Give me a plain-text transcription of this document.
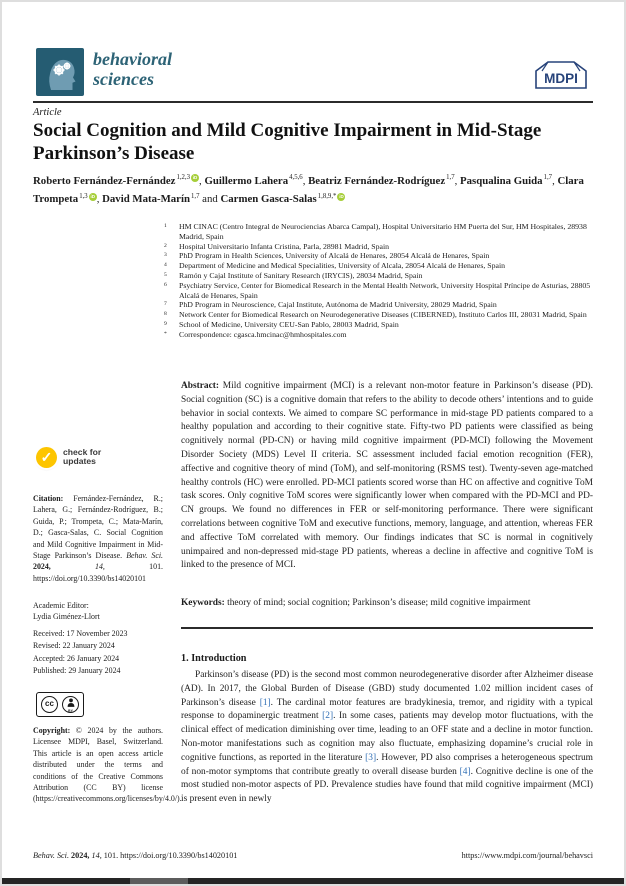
behavioral
sciences	MDPI
Article
Social Cognition and Mild Cognitive Impairment in Mid-Stage Parkinson’s Disease
Roberto Fernández-Fernández$^{1,2,3}$ iD , Guillermo Lahera$^{4,5,6}$, Beatriz Fernández-Rodríguez$^{1,7}$, Pasqualina Guida$^{1,7}$, Clara Trompeta$^{1,3}$ iD , David Mata-Marín$^{1,7}$ and Carmen Gasca-Salas$^{1,8,9,*}$ iD
1	HM CINAC (Centro Integral de Neurociencias Abarca Campal), Hospital Universitario HM Puerta del Sur, HM Hospitales, 28938 Madrid, Spain
2	Hospital Universitario Infanta Cristina, Parla, 28981 Madrid, Spain
3	PhD Program in Health Sciences, University of Alcalá de Henares, 28054 Alcalá de Henares, Spain
4	Department of Medicine and Medical Specialities, University of Alcala, 28054 Alcalá de Henares, Spain
5	Ramón y Cajal Institute of Sanitary Research (IRYCIS), 28034 Madrid, Spain
6	Psychiatry Service, Center for Biomedical Research in the Mental Health Network, University Hospital Príncipe de Asturias, 28805 Alcalá de Henares, Spain
7	PhD Program in Neuroscience, Cajal Institute, Autónoma de Madrid University, 28029 Madrid, Spain
8	Network Center for Biomedical Research on Neurodegenerative Diseases (CIBERNED), Instituto Carlos III, 28031 Madrid, Spain
9	School of Medicine, University CEU-San Pablo, 28003 Madrid, Spain
*	Correspondence: cgasca.hmcinac@hmhospitales.com
Abstract: Mild cognitive impairment (MCI) is a relevant non-motor feature in Parkinson’s disease (PD). Social cognition (SC) is a cognitive domain that refers to the ability to decode others’ intentions and to guide behavior in social contexts. We aimed to compare SC performance in mid-stage PD patients compared to a healthy population and according to their cognitive state. Fifty-two PD patients were classified as being cognitively normal (PD-CN) or having mild cognitive impairment (PD-MCI) following the Movement Disorder Society (MDS) Level II criteria. SC assessment included facial emotion recognition (FER), affective and cognitive theory of mind (ToM), and self-monitoring (RSMS test). Twenty-seven age-matched healthy controls (HC) were enrolled. PD-MCI patients scored worse than HC on affective and cognitive ToM task scores. Only cognitive ToM scores were significantly lower when compared with the PD-MCI and PD-CN groups. We found no differences in FER or self-monitoring performance. There were significant correlations between cognitive ToM and executive functions, memory, language, and attention, whereas FER and affective ToM correlated with memory. Our findings indicates that SC is normal in cognitively unimpaired and non-depressed mid-stage PD patients, whereas a decline in affective and cognitive ToM is linked to the presence of MCI.
Keywords: theory of mind; social cognition; Parkinson’s disease; mild cognitive impairment
1. Introduction
Parkinson’s disease (PD) is the second most common neurodegenerative disorder after Alzheimer disease (AD). In 2017, the Global Burden of Disease (GBD) study documented 1.02 million incident cases of Parkinson’s disease [1]. The cardinal motor features are bradykinesia, tremor, and rigidity with a typical response to dopaminergic treatment [2]. In some cases, patients may develop motor fluctuations, with the clinical effect of medication diminishing over time, leading to an OFF state and a decline in motor function. Non-motor manifestations such as cognition may also fluctuate, emphasizing dopamine’s crucial role in cognitive functions, as reported in the literature [3]. However, PD also comprises a heterogeneous spectrum of non-motor symptoms that contribute greatly to overall disease burden [4]. Cognitive decline is one of the most studied non-motor aspects of PD. Prevalence studies have found that mild cognitive impairment (MCI) is present even in newly
✓	check for
updates
Citation: Fernández-Fernández, R.; Lahera, G.; Fernández-Rodríguez, B.; Guida, P.; Trompeta, C.; Mata-Marín, D.; Gasca-Salas, C. Social Cognition and Mild Cognitive Impairment in Mid-Stage Parkinson’s Disease. Behav. Sci. 2024,	14,	101. https://doi.org/10.3390/bs14020101
Academic Editor:
Lydia Giménez-Llort
Received: 17 November 2023
Revised: 22 January 2024
Accepted: 26 January 2024
Published: 29 January 2024
cc
BY
Copyright: © 2024 by the authors. Licensee MDPI, Basel, Switzerland. This article is an open access article distributed under the terms and conditions of the Creative Commons Attribution (CC BY) license (https://creativecommons.org/licenses/by/4.0/).
Behav. Sci. 2024, 14, 101. https://doi.org/10.3390/bs14020101	https://www.mdpi.com/journal/behavsci
